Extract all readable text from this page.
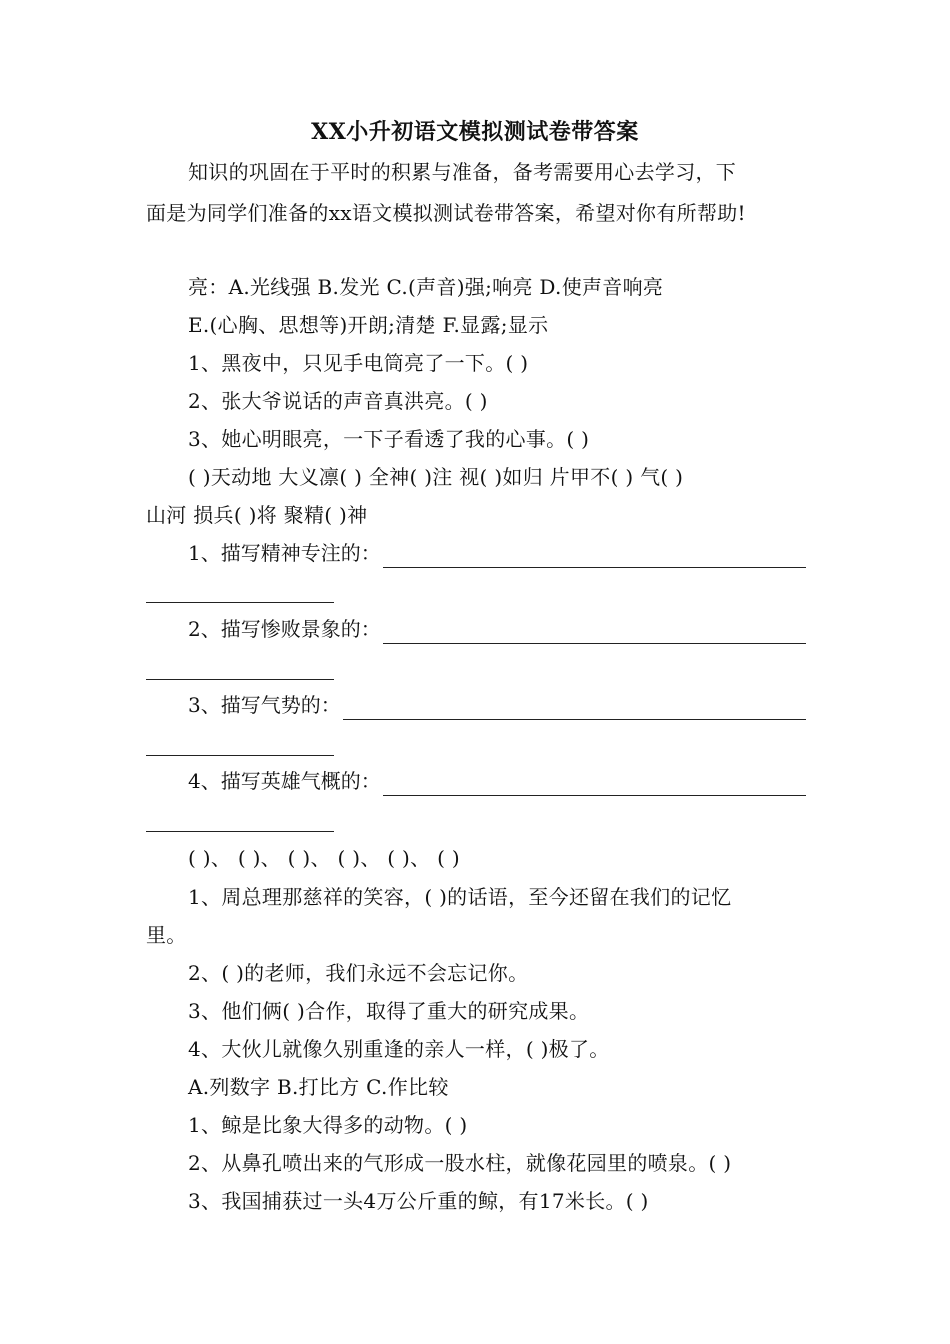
XX小升初语文模拟测试卷带答案
知识的巩固在于平时的积累与准备，备考需要用心去学习，下
面是为同学们准备的xx语文模拟测试卷带答案，希望对你有所帮助!
亮：A.光线强 B.发光 C.(声音)强;响亮 D.使声音响亮
E.(心胸、思想等)开朗;清楚 F.显露;显示
1、黑夜中，只见手电筒亮了一下。( )
2、张大爷说话的声音真洪亮。( )
3、她心明眼亮，一下子看透了我的心事。( )
( )天动地 大义凛( ) 全神( )注 视( )如归 片甲不( ) 气( )
山河 损兵( )将 聚精( )神
1、描写精神专注的：
2、描写惨败景象的：
3、描写气势的：
4、描写英雄气概的：
( )、 ( )、 ( )、 ( )、 ( )、 ( )
1、周总理那慈祥的笑容，( )的话语，至今还留在我们的记忆
里。
2、( )的老师，我们永远不会忘记你。
3、他们俩( )合作，取得了重大的研究成果。
4、大伙儿就像久别重逢的亲人一样，( )极了。
A.列数字 B.打比方 C.作比较
1、鲸是比象大得多的动物。( )
2、从鼻孔喷出来的气形成一股水柱，就像花园里的喷泉。( )
3、我国捕获过一头4万公斤重的鲸，有17米长。( )
